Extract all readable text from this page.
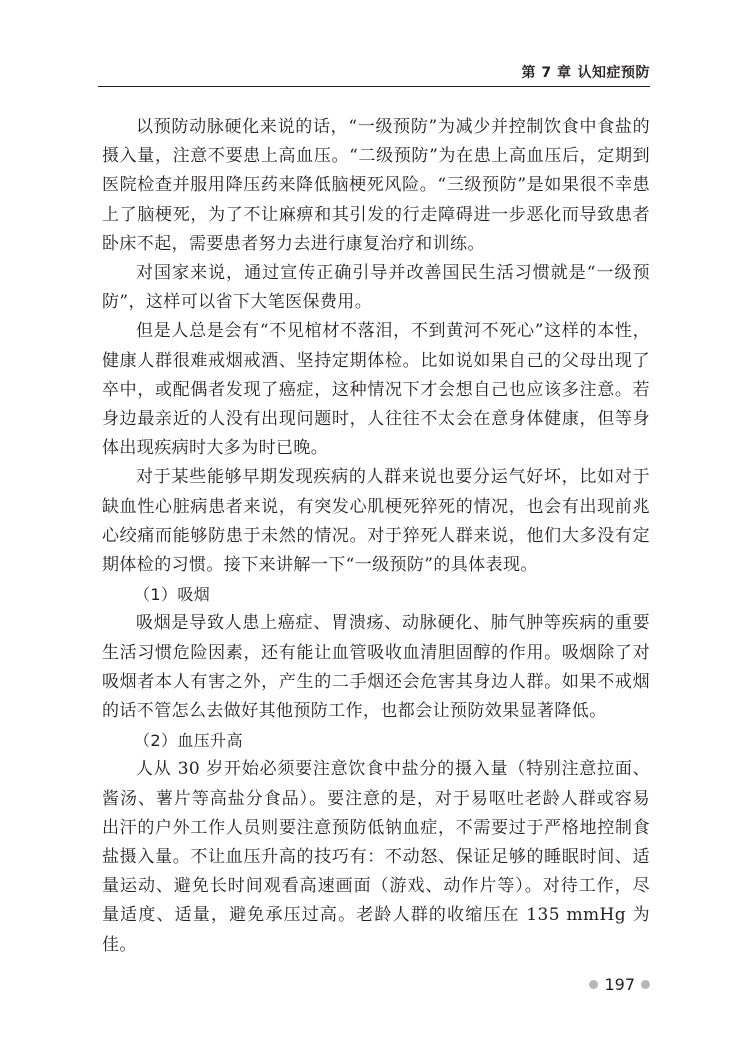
第 7 章 认知症预防

以预防动脉硬化来说的话，“一级预防”为减少并控制饮食中食盐的摄入量，注意不要患上高血压。“二级预防”为在患上高血压后，定期到医院检查并服用降压药来降低脑梗死风险。“三级预防”是如果很不幸患上了脑梗死，为了不让麻痹和其引发的行走障碍进一步恶化而导致患者卧床不起，需要患者努力去进行康复治疗和训练。

对国家来说，通过宣传正确引导并改善国民生活习惯就是“一级预防”，这样可以省下大笔医保费用。

但是人总是会有“不见棺材不落泪，不到黄河不死心”这样的本性，健康人群很难戒烟戒酒、坚持定期体检。比如说如果自己的父母出现了卒中，或配偶者发现了癌症，这种情况下才会想自己也应该多注意。若身边最亲近的人没有出现问题时，人往往不太会在意身体健康，但等身体出现疾病时大多为时已晚。

对于某些能够早期发现疾病的人群来说也要分运气好坏，比如对于缺血性心脏病患者来说，有突发心肌梗死猝死的情况，也会有出现前兆心绞痛而能够防患于未然的情况。对于猝死人群来说，他们大多没有定期体检的习惯。接下来讲解一下“一级预防”的具体表现。

（1）吸烟

吸烟是导致人患上癌症、胃溃疡、动脉硬化、肺气肿等疾病的重要生活习惯危险因素，还有能让血管吸收血清胆固醇的作用。吸烟除了对吸烟者本人有害之外，产生的二手烟还会危害其身边人群。如果不戒烟的话不管怎么去做好其他预防工作，也都会让预防效果显著降低。

（2）血压升高

人从 30 岁开始必须要注意饮食中盐分的摄入量（特别注意拉面、酱汤、薯片等高盐分食品）。要注意的是，对于易呕吐老龄人群或容易出汗的户外工作人员则要注意预防低钠血症，不需要过于严格地控制食盐摄入量。不让血压升高的技巧有：不动怒、保证足够的睡眠时间、适量运动、避免长时间观看高速画面（游戏、动作片等）。对待工作，尽量适度、适量，避免承压过高。老龄人群的收缩压在 135 mmHg 为佳。

197
